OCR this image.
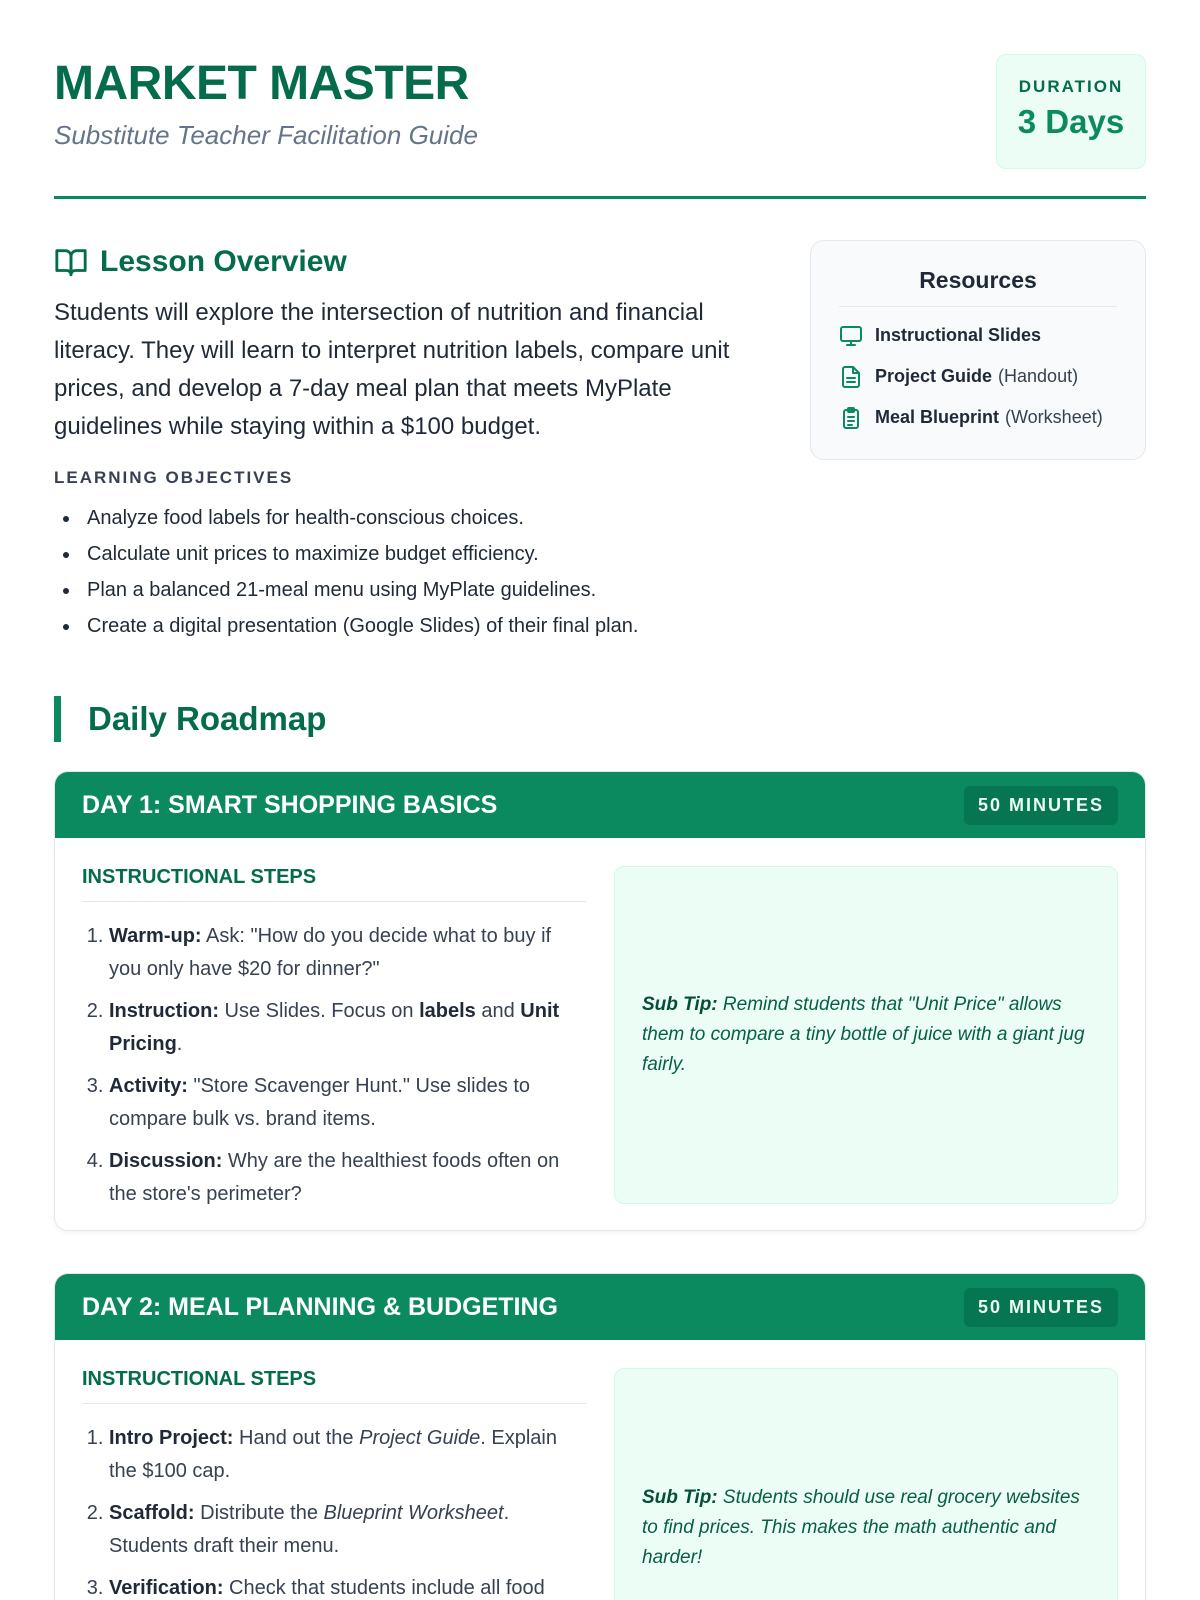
MARKET MASTER
Substitute Teacher Facilitation Guide
DURATION
3 Days
Lesson Overview

Students will explore the intersection of nutrition and financial literacy. They will learn to interpret nutrition labels, compare unit prices, and develop a 7-day meal plan that meets MyPlate guidelines while staying within a $100 budget.

LEARNING OBJECTIVES
Analyze food labels for health-conscious choices.
Calculate unit prices to maximize budget efficiency.
Plan a balanced 21-meal menu using MyPlate guidelines.
Create a digital presentation (Google Slides) of their final plan.
Resources
Instructional Slides
Project Guide (Handout)
Meal Blueprint (Worksheet)
Daily Roadmap
DAY 1: SMART SHOPPING BASICS	50 MINUTES
INSTRUCTIONAL STEPS
1. Warm-up: Ask: "How do you decide what to buy if you only have $20 for dinner?"
2. Instruction: Use Slides. Focus on labels and Unit Pricing.
3. Activity: "Store Scavenger Hunt." Use slides to compare bulk vs. brand items.
4. Discussion: Why are the healthiest foods often on the store's perimeter?

Sub Tip: Remind students that "Unit Price" allows them to compare a tiny bottle of juice with a giant jug fairly.

DAY 2: MEAL PLANNING & BUDGETING	50 MINUTES
INSTRUCTIONAL STEPS
1. Intro Project: Hand out the Project Guide. Explain the $100 cap.
2. Scaffold: Distribute the Blueprint Worksheet. Students draft their menu.
3. Verification: Check that students include all food

Sub Tip: Students should use real grocery websites to find prices. This makes the math authentic and harder!
